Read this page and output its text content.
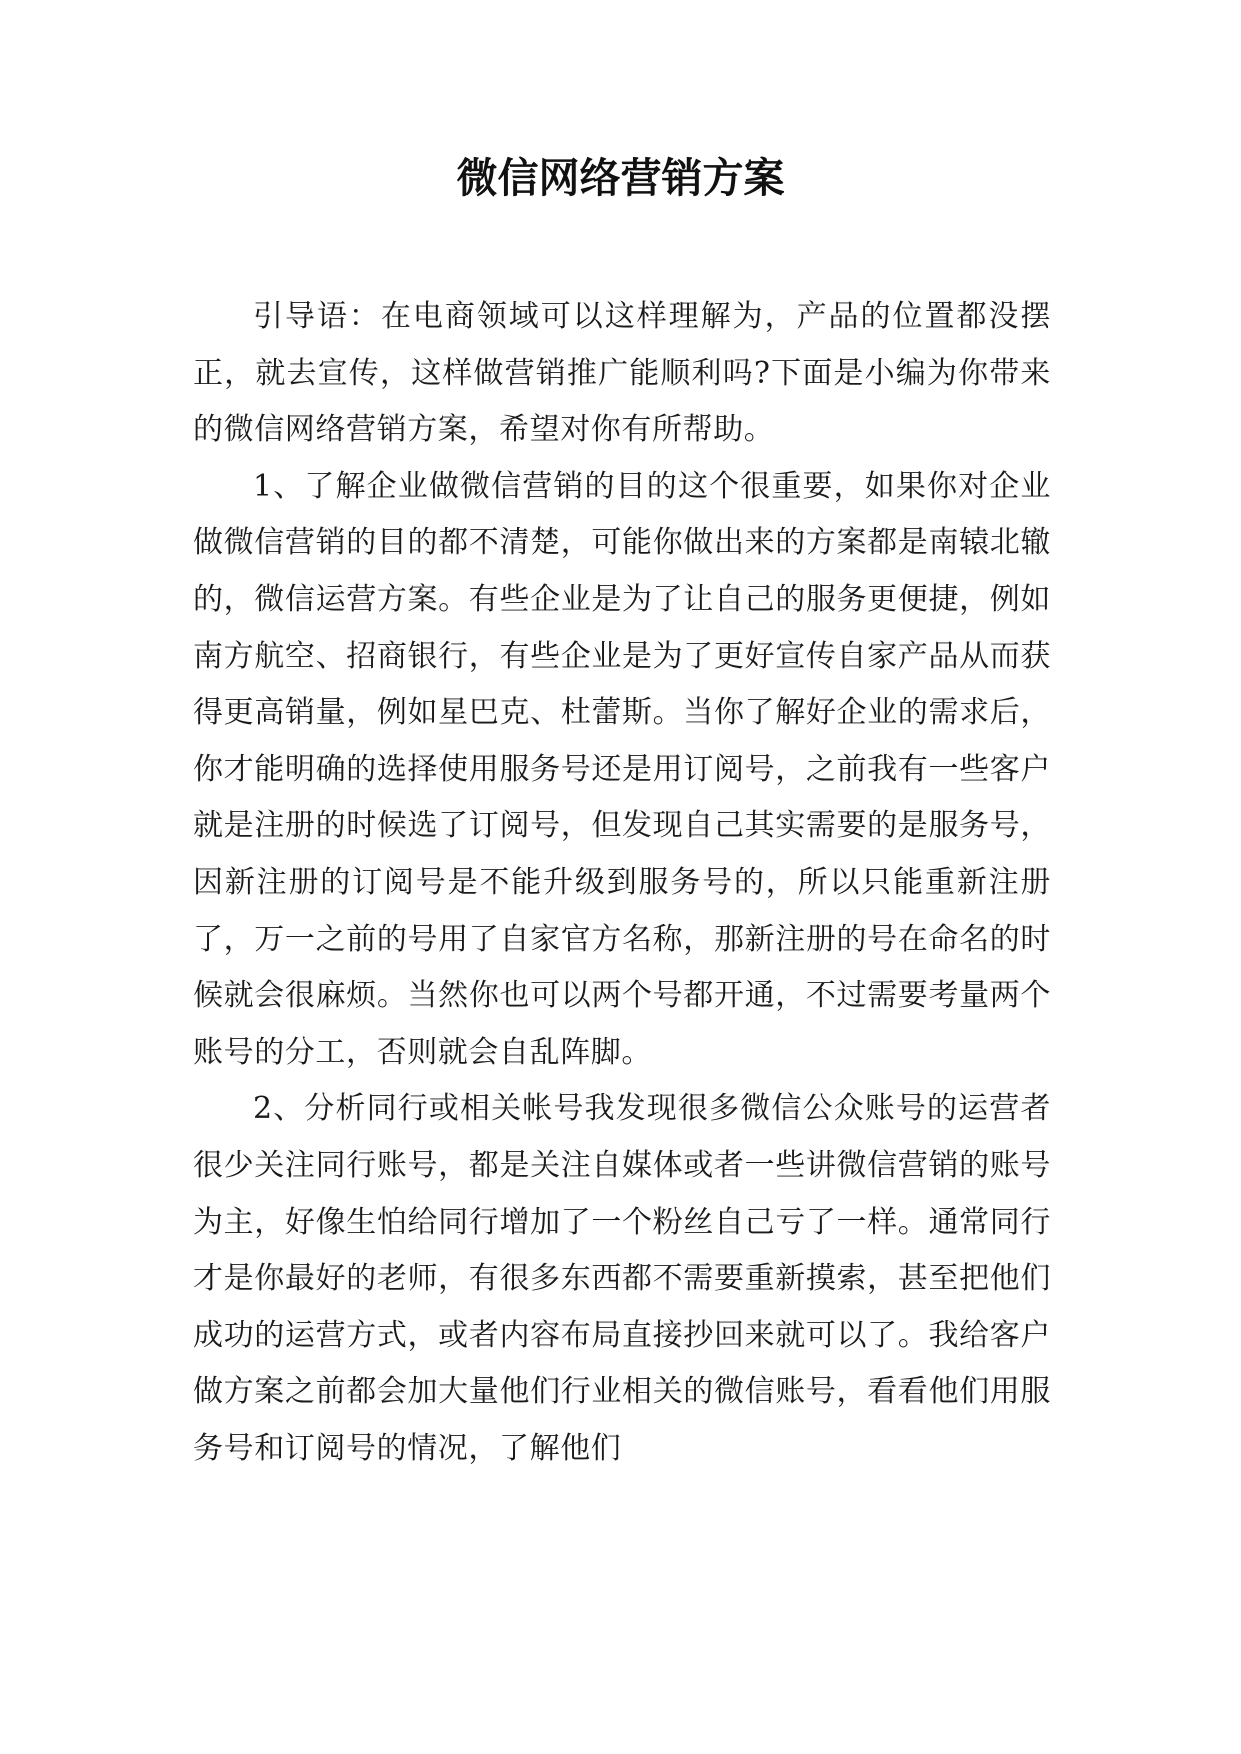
微信网络营销方案

引导语：在电商领域可以这样理解为，产品的位置都没摆正，就去宣传，这样做营销推广能顺利吗?下面是小编为你带来的微信网络营销方案，希望对你有所帮助。

1、了解企业做微信营销的目的这个很重要，如果你对企业做微信营销的目的都不清楚，可能你做出来的方案都是南辕北辙的，微信运营方案。有些企业是为了让自己的服务更便捷，例如南方航空、招商银行，有些企业是为了更好宣传自家产品从而获得更高销量，例如星巴克、杜蕾斯。当你了解好企业的需求后，你才能明确的选择使用服务号还是用订阅号，之前我有一些客户就是注册的时候选了订阅号，但发现自己其实需要的是服务号，因新注册的订阅号是不能升级到服务号的，所以只能重新注册了，万一之前的号用了自家官方名称，那新注册的号在命名的时候就会很麻烦。当然你也可以两个号都开通，不过需要考量两个账号的分工，否则就会自乱阵脚。

2、分析同行或相关帐号我发现很多微信公众账号的运营者很少关注同行账号，都是关注自媒体或者一些讲微信营销的账号为主，好像生怕给同行增加了一个粉丝自己亏了一样。通常同行才是你最好的老师，有很多东西都不需要重新摸索，甚至把他们成功的运营方式，或者内容布局直接抄回来就可以了。我给客户做方案之前都会加大量他们行业相关的微信账号，看看他们用服务号和订阅号的情况，了解他们
